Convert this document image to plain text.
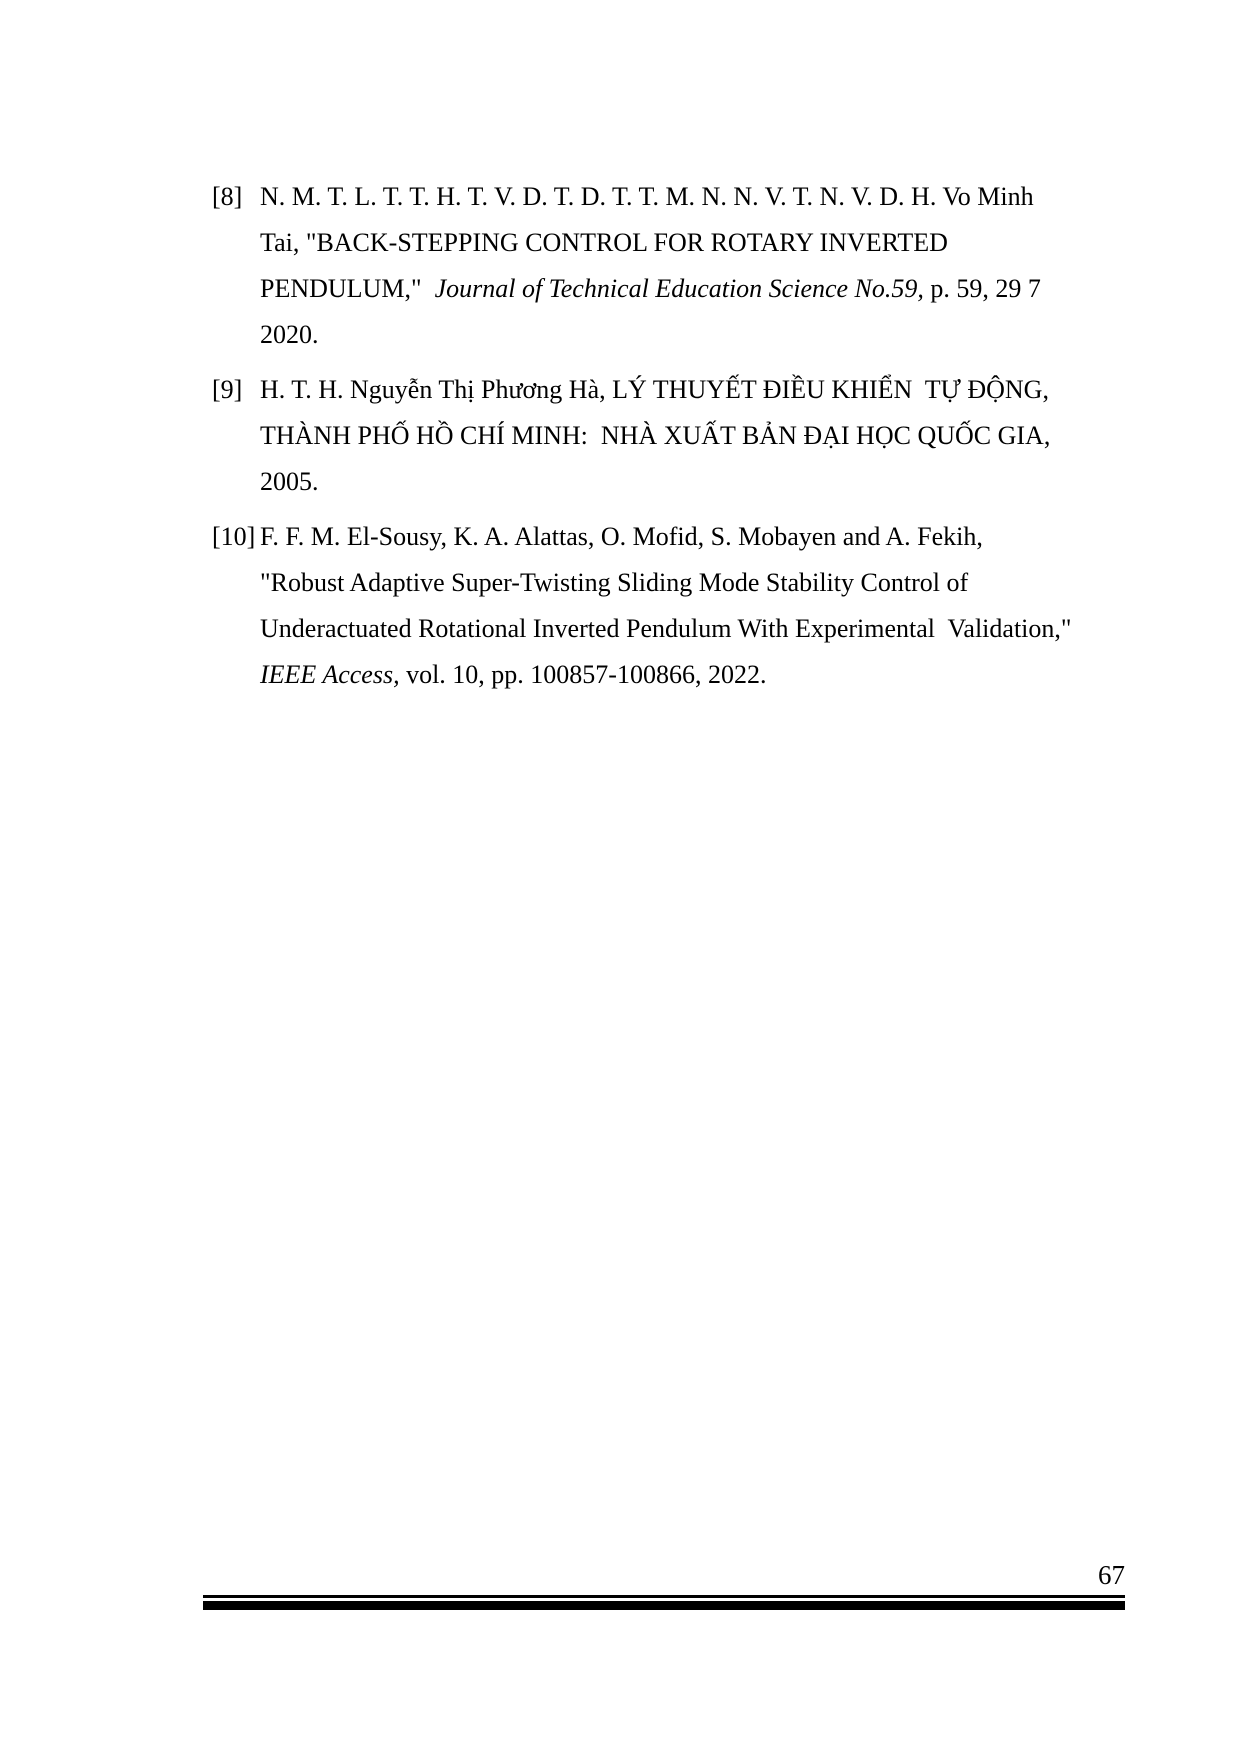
[8] N. M. T. L. T. T. H. T. V. D. T. D. T. T. M. N. N. V. T. N. V. D. H. Vo Minh
Tai, "BACK-STEPPING CONTROL FOR ROTARY INVERTED
PENDULUM,"  Journal of Technical Education Science No.59, p. 59, 29 7
2020.
[9] H. T. H. Nguyễn Thị Phương Hà, LÝ THUYẾT ĐIỀU KHIỂN  TỰ ĐỘNG,
THÀNH PHỐ HỒ CHÍ MINH:  NHÀ XUẤT BẢN ĐẠI HỌC QUỐC GIA,
2005.
[10] F. F. M. El-Sousy, K. A. Alattas, O. Mofid, S. Mobayen and A. Fekih,
"Robust Adaptive Super-Twisting Sliding Mode Stability Control of
Underactuated Rotational Inverted Pendulum With Experimental  Validation,"
IEEE Access, vol. 10, pp. 100857-100866, 2022.
67
